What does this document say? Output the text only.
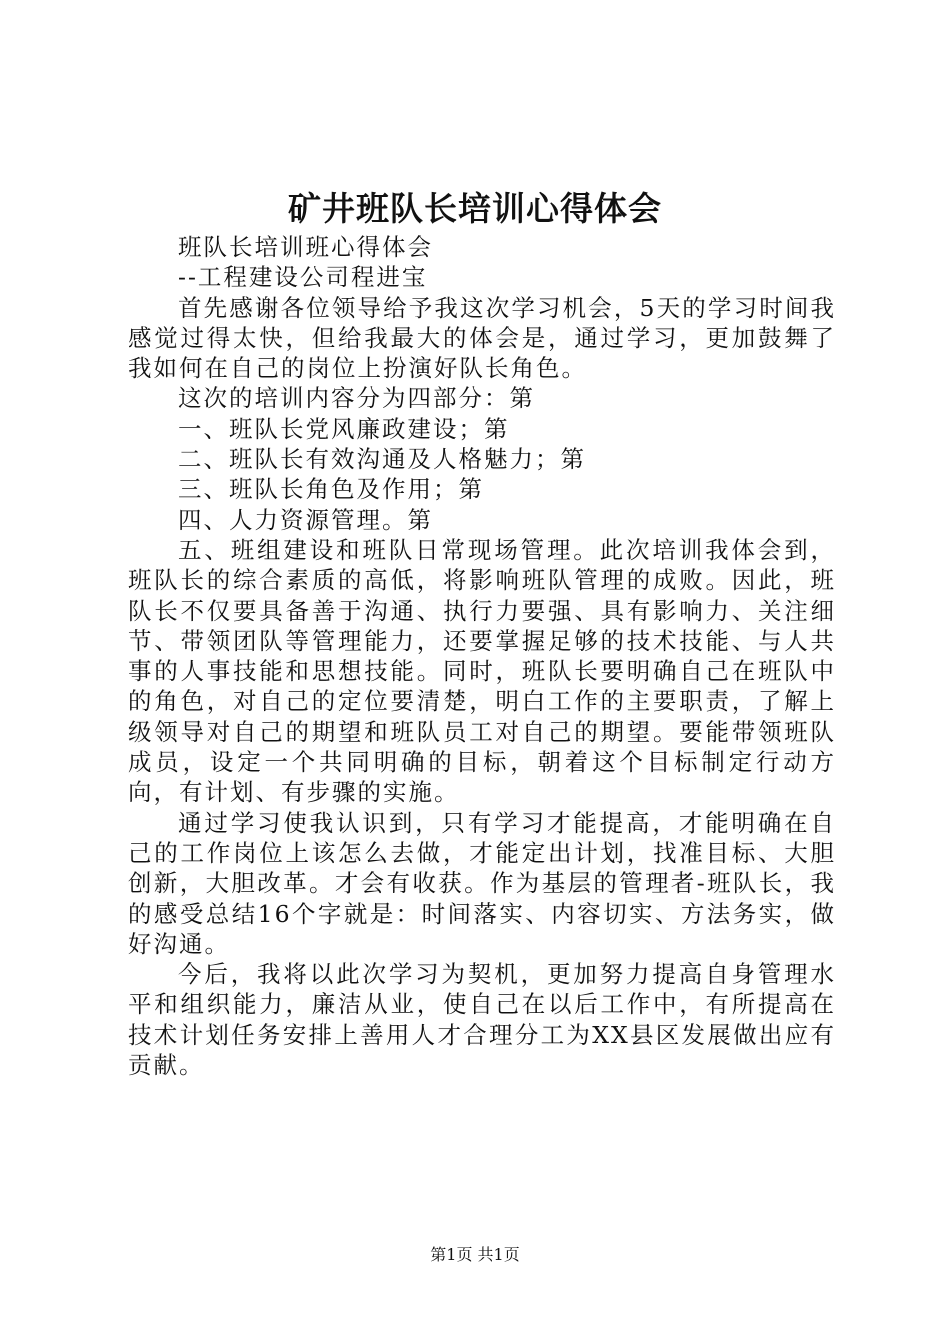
矿井班队长培训心得体会

班队长培训班心得体会

--工程建设公司程进宝

首先感谢各位领导给予我这次学习机会，5天的学习时间我感觉过得太快，但给我最大的体会是，通过学习，更加鼓舞了我如何在自己的岗位上扮演好队长角色。

这次的培训内容分为四部分：第

一、班队长党风廉政建设；第

二、班队长有效沟通及人格魅力；第

三、班队长角色及作用；第

四、人力资源管理。第

五、班组建设和班队日常现场管理。此次培训我体会到，班队长的综合素质的高低，将影响班队管理的成败。因此，班队长不仅要具备善于沟通、执行力要强、具有影响力、关注细节、带领团队等管理能力，还要掌握足够的技术技能、与人共事的人事技能和思想技能。同时，班队长要明确自己在班队中的角色，对自己的定位要清楚，明白工作的主要职责，了解上级领导对自己的期望和班队员工对自己的期望。要能带领班队成员，设定一个共同明确的目标，朝着这个目标制定行动方向，有计划、有步骤的实施。

通过学习使我认识到，只有学习才能提高，才能明确在自己的工作岗位上该怎么去做，才能定出计划，找准目标、大胆创新，大胆改革。才会有收获。作为基层的管理者-班队长，我的感受总结16个字就是：时间落实、内容切实、方法务实，做好沟通。

今后，我将以此次学习为契机，更加努力提高自身管理水平和组织能力，廉洁从业，使自己在以后工作中，有所提高在技术计划任务安排上善用人才合理分工为XX县区发展做出应有贡献。

第1页 共1页
